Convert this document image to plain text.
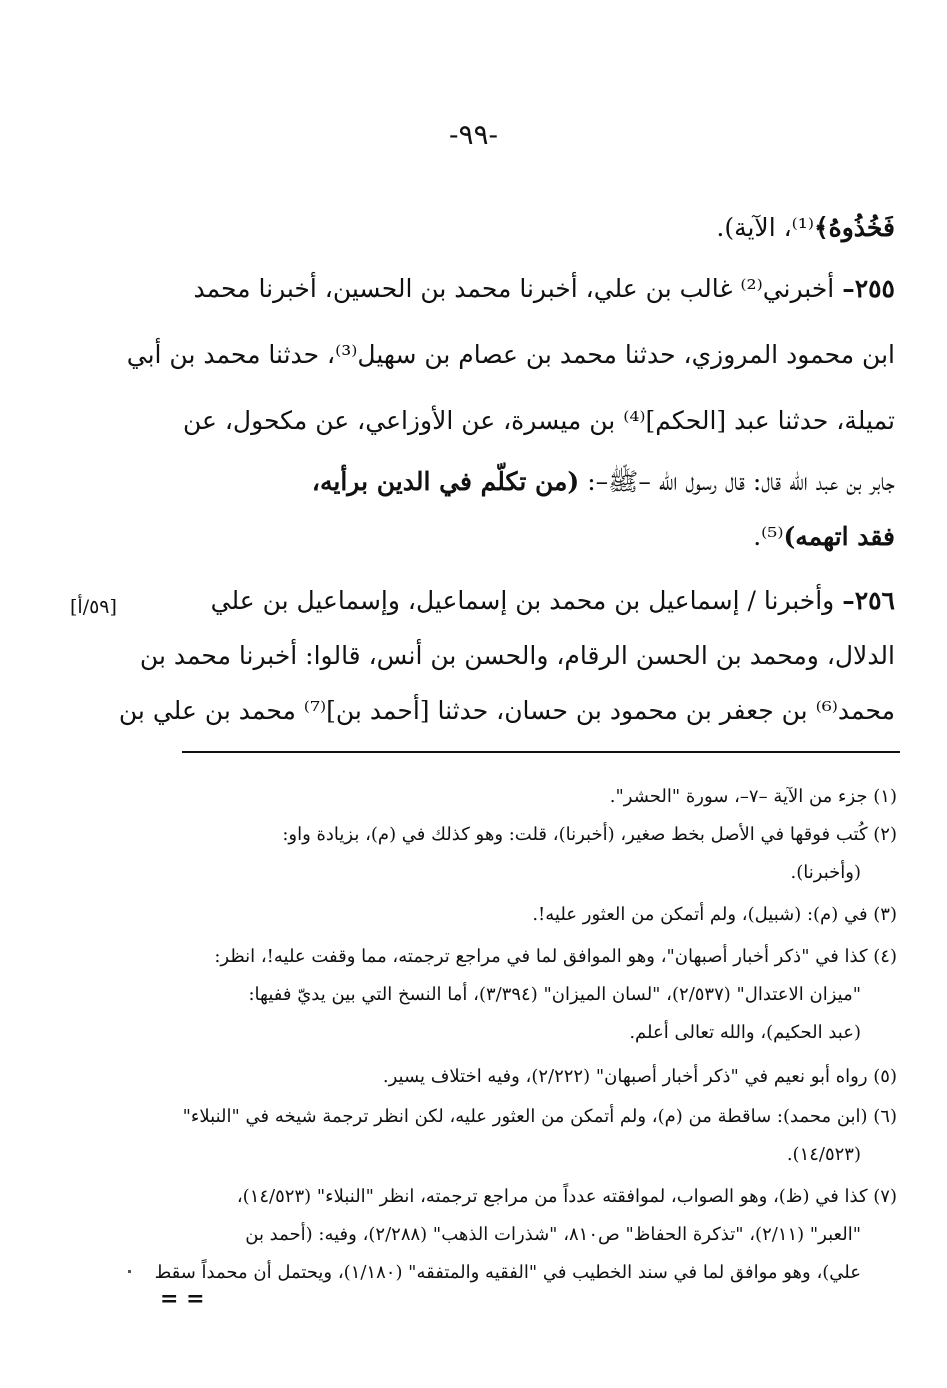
-٩٩-
فَخُذُوهُ﴾⁽¹⁾، الآية).
٢٥٥– أخبرني⁽²⁾ غالب بن علي، أخبرنا محمد بن الحسين، أخبرنا محمد
ابن محمود المروزي، حدثنا محمد بن عصام بن سهيل⁽³⁾، حدثنا محمد بن أبي
تميلة، حدثنا عبد [الحكم]⁽⁴⁾ بن ميسرة، عن الأوزاعي، عن مكحول، عن
جابر بن عبد الله قال: قال رسول الله –ﷺ–: (من تكلّم في الدين برأيه،
فقد اتهمه)⁽⁵⁾.
٢٥٦– وأخبرنا / إسماعيل بن محمد بن إسماعيل، وإسماعيل بن علي
[٥٩/أ]
الدلال، ومحمد بن الحسن الرقام، والحسن بن أنس، قالوا: أخبرنا محمد بن
محمد⁽⁶⁾ بن جعفر بن محمود بن حسان، حدثنا [أحمد بن]⁽⁷⁾ محمد بن علي بن
(١) جزء من الآية –٧–، سورة "الحشر".
(٢) كُتب فوقها في الأصل بخط صغير، (أخبرنا)، قلت: وهو كذلك في (م)، بزيادة واو:
(وأخبرنا).
(٣) في (م): (شبيل)، ولم أتمكن من العثور عليه!.
(٤) كذا في "ذكر أخبار أصبهان"، وهو الموافق لما في مراجع ترجمته، مما وقفت عليه!، انظر:
"ميزان الاعتدال" (٢/٥٣٧)، "لسان الميزان" (٣/٣٩٤)، أما النسخ التي بين يديّ ففيها:
(عبد الحكيم)، والله تعالى أعلم.
(٥) رواه أبو نعيم في "ذكر أخبار أصبهان" (٢/٢٢٢)، وفيه اختلاف يسير.
(٦) (ابن محمد): ساقطة من (م)، ولم أتمكن من العثور عليه، لكن انظر ترجمة شيخه في "النبلاء"
(١٤/٥٢٣).
(٧) كذا في (ظ)، وهو الصواب، لموافقته عدداً من مراجع ترجمته، انظر "النبلاء" (١٤/٥٢٣)،
"العبر" (٢/١١)، "تذكرة الحفاظ" ص٨١٠، "شذرات الذهب" (٢/٢٨٨)، وفيه: (أحمد بن
علي)، وهو موافق لما في سند الخطيب في "الفقيه والمتفقه" (١/١٨٠)، ويحتمل أن محمداً سقط
= =
